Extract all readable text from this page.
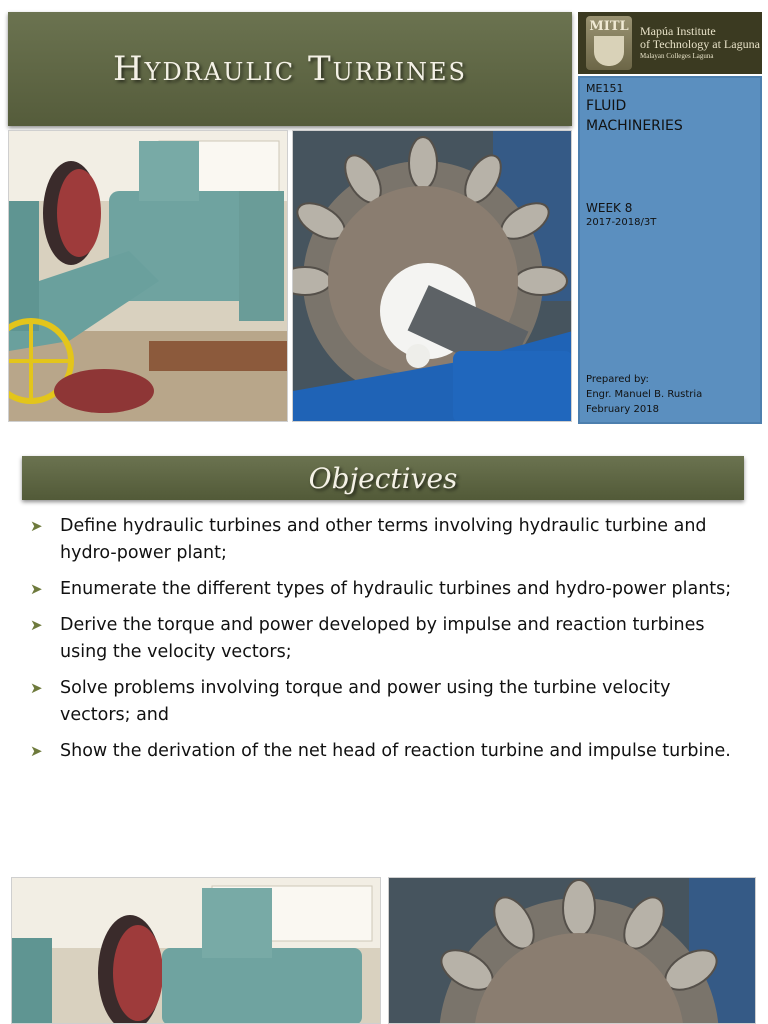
Hydraulic Turbines
MITL Mapúa Institute
of Technology at Laguna
Malayan Colleges Laguna
ME151
FLUID
MACHINERIES
WEEK 8
2017-2018/3T
Prepared by:
Engr. Manuel B. Rustria
February 2018
Objectives
➤ Define hydraulic turbines and other terms involving hydraulic turbine and hydro-power plant;
➤ Enumerate the different types of hydraulic turbines and hydro-power plants;
➤ Derive the torque and power developed by impulse and reaction turbines using the velocity vectors;
➤ Solve problems involving torque and power using the turbine velocity vectors; and
➤ Show the derivation of the net head of reaction turbine and impulse turbine.
